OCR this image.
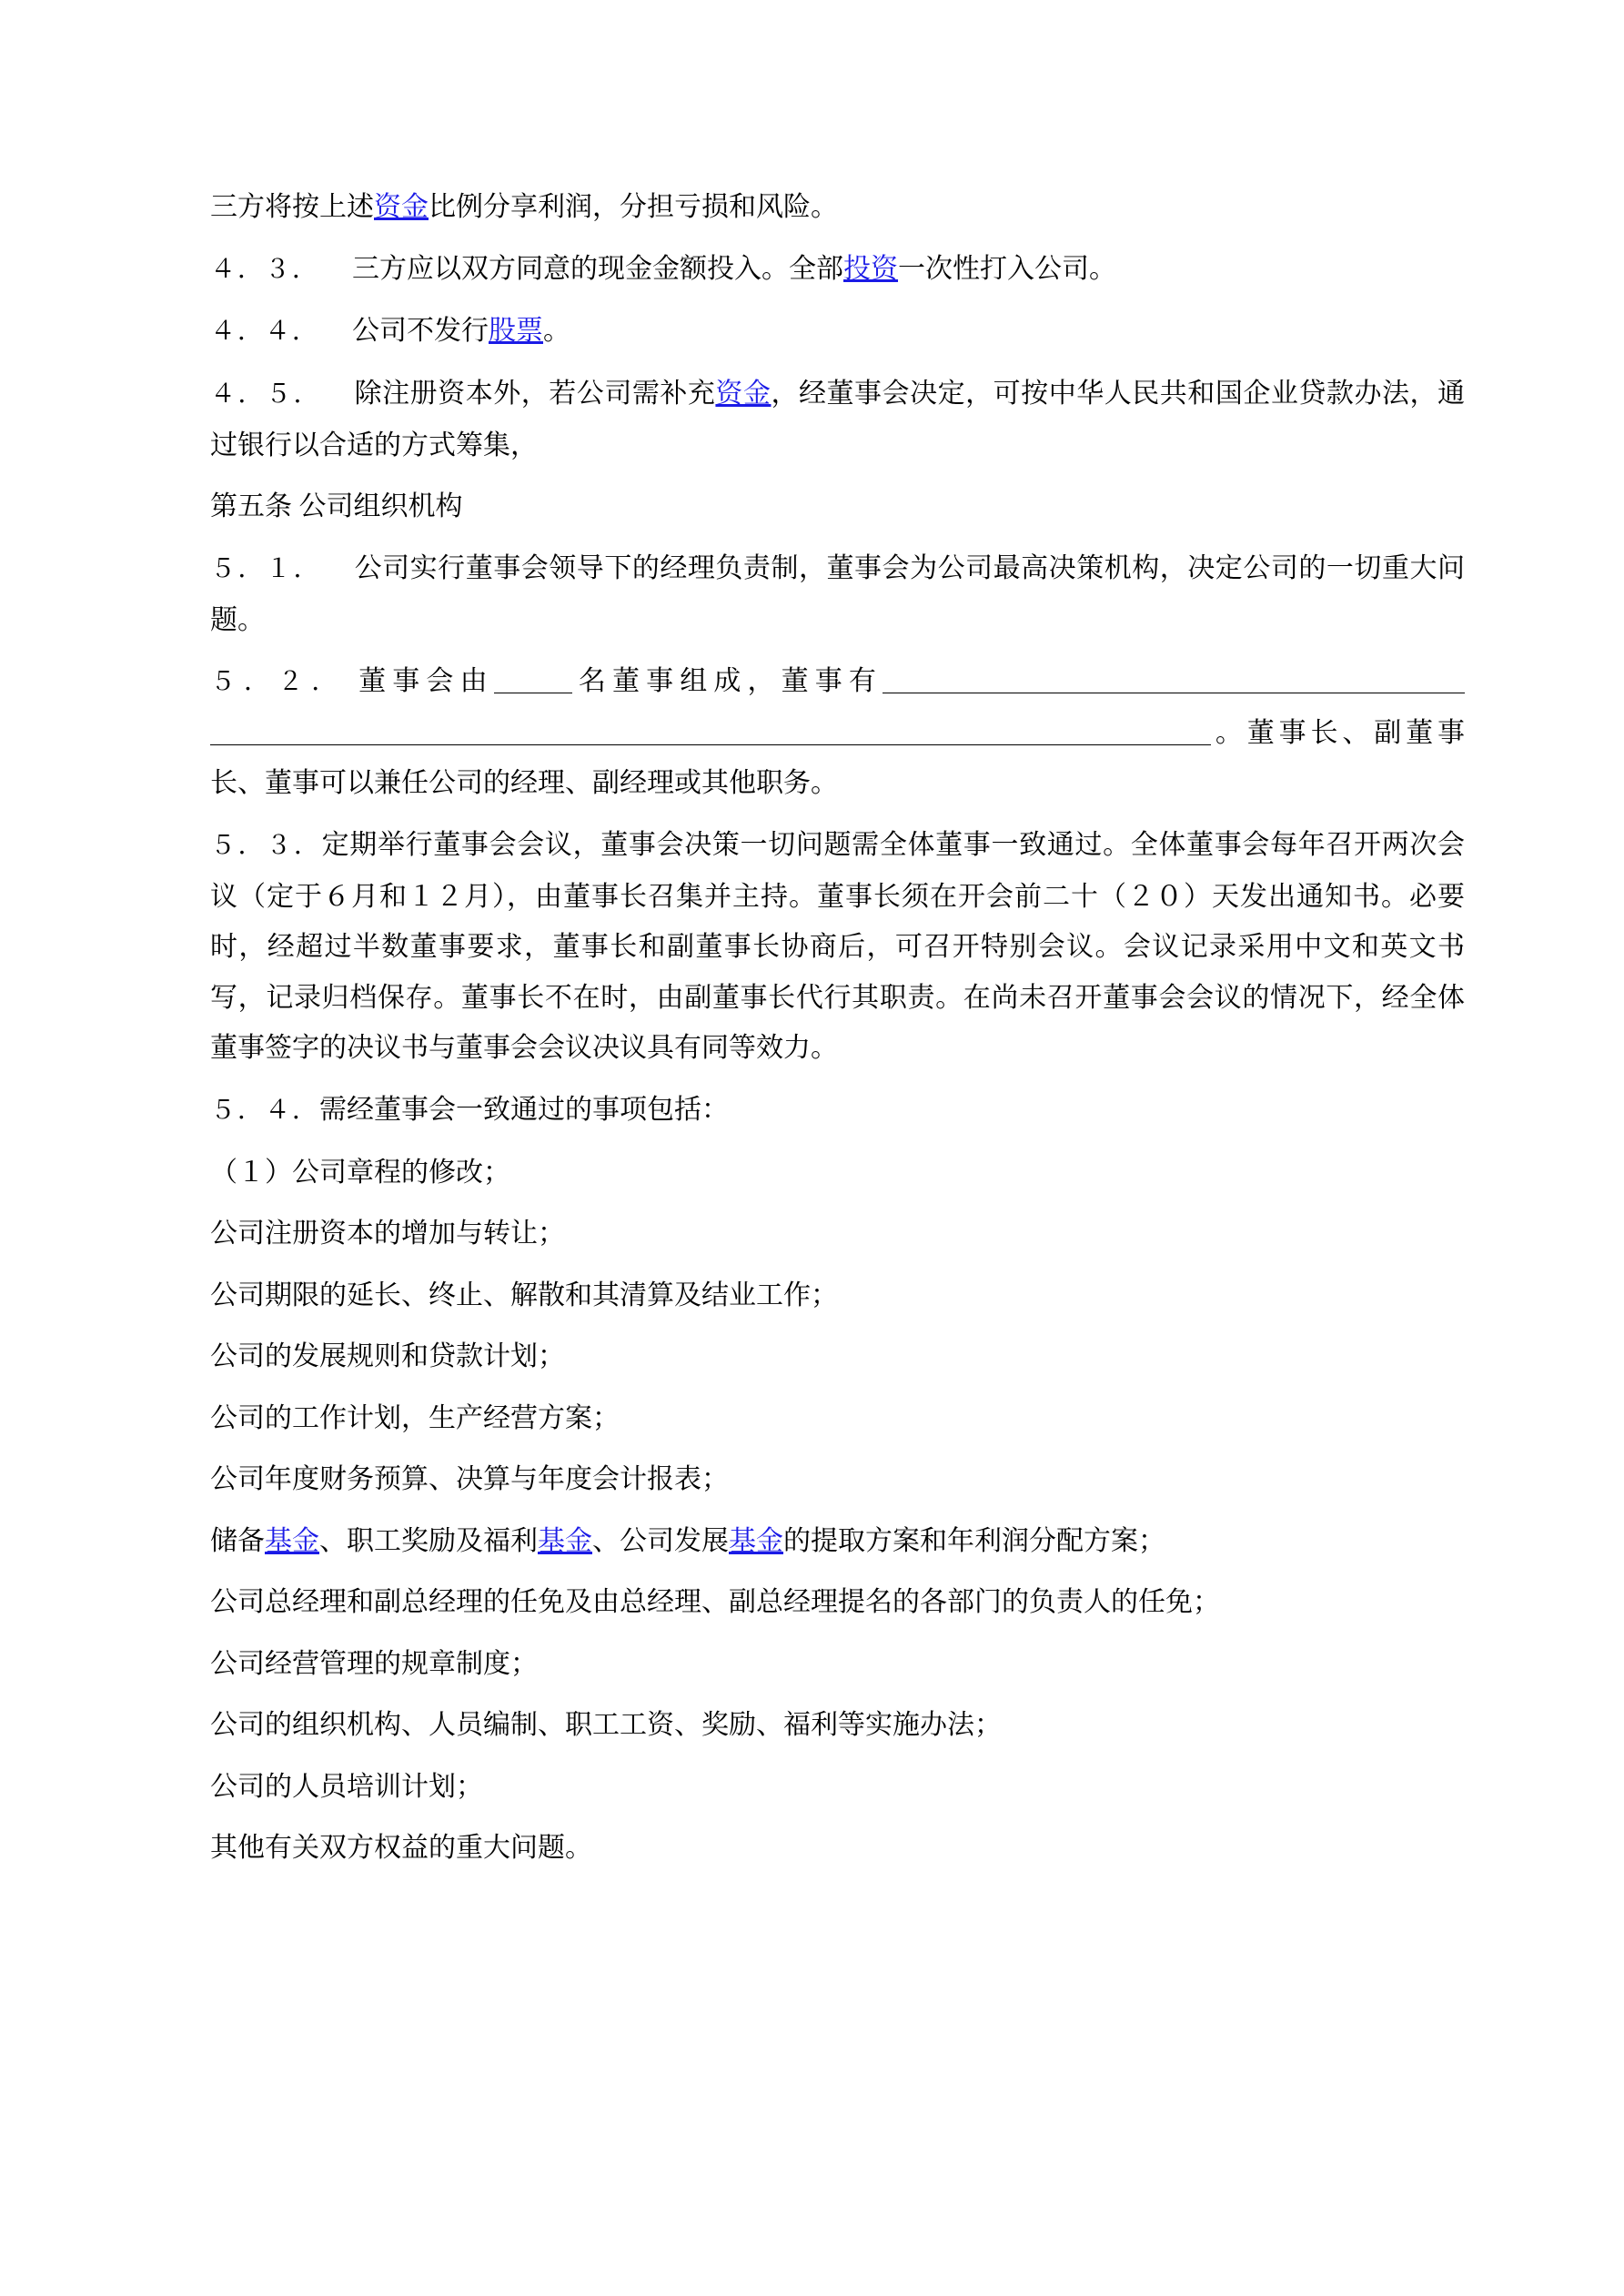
三方将按上述资金比例分享利润，分担亏损和风险。
４．３． 三方应以双方同意的现金金额投入。全部投资一次性打入公司。
４．４． 公司不发行股票。
４．５． 除注册资本外，若公司需补充资金，经董事会决定，可按中华人民共和国企业贷款办法，通过银行以合适的方式筹集，
第五条 公司组织机构
５．１． 公司实行董事会领导下的经理负责制，董事会为公司最高决策机构，决定公司的一切重大问题。
５．２． 董事会由	名董事组成，董事有。董事长、副董事长、董事可以兼任公司的经理、副经理或其他职务。
５．３．定期举行董事会会议，董事会决策一切问题需全体董事一致通过。全体董事会每年召开两次会议（定于６月和１２月），由董事长召集并主持。董事长须在开会前二十（２０）天发出通知书。必要时，经超过半数董事要求，董事长和副董事长协商后，可召开特别会议。会议记录采用中文和英文书写，记录归档保存。董事长不在时，由副董事长代行其职责。在尚未召开董事会会议的情况下，经全体董事签字的决议书与董事会会议决议具有同等效力。
５．４．需经董事会一致通过的事项包括：
（１）公司章程的修改；
公司注册资本的增加与转让；
公司期限的延长、终止、解散和其清算及结业工作；
公司的发展规则和贷款计划；
公司的工作计划，生产经营方案；
公司年度财务预算、决算与年度会计报表；
储备基金、职工奖励及福利基金、公司发展基金的提取方案和年利润分配方案；
公司总经理和副总经理的任免及由总经理、副总经理提名的各部门的负责人的任免；
公司经营管理的规章制度；
公司的组织机构、人员编制、职工工资、奖励、福利等实施办法；
公司的人员培训计划；
其他有关双方权益的重大问题。
